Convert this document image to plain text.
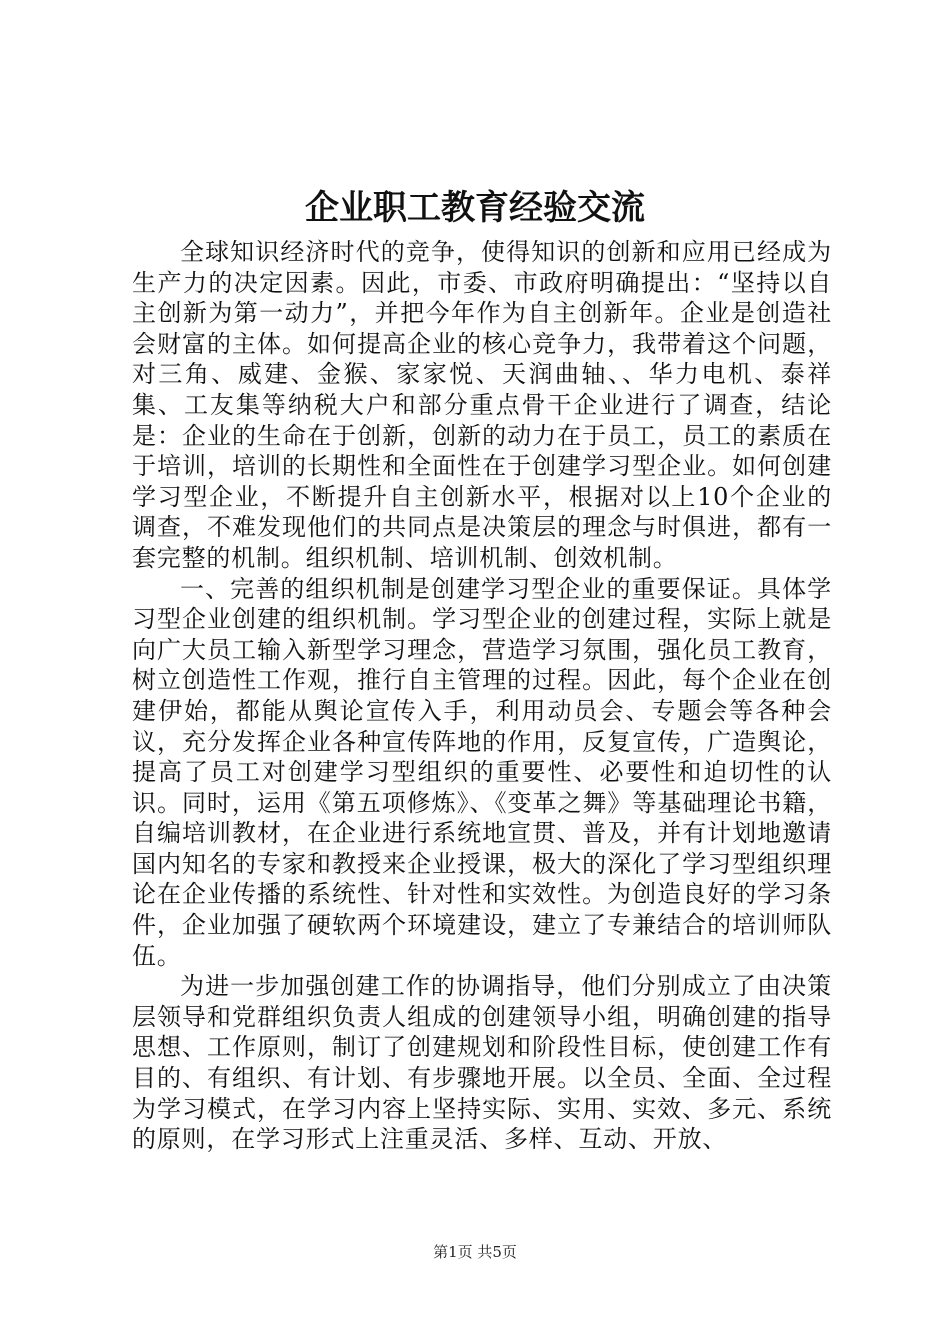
企业职工教育经验交流

全球知识经济时代的竞争，使得知识的创新和应用已经成为生产力的决定因素。因此，市委、市政府明确提出：“坚持以自主创新为第一动力”，并把今年作为自主创新年。企业是创造社会财富的主体。如何提高企业的核心竞争力，我带着这个问题，对三角、威建、金猴、家家悦、天润曲轴、、华力电机、泰祥集、工友集等纳税大户和部分重点骨干企业进行了调查，结论是：企业的生命在于创新，创新的动力在于员工，员工的素质在于培训，培训的长期性和全面性在于创建学习型企业。如何创建学习型企业，不断提升自主创新水平，根据对以上10个企业的调查，不难发现他们的共同点是决策层的理念与时俱进，都有一套完整的机制。组织机制、培训机制、创效机制。

一、完善的组织机制是创建学习型企业的重要保证。具体学习型企业创建的组织机制。学习型企业的创建过程，实际上就是向广大员工输入新型学习理念，营造学习氛围，强化员工教育，树立创造性工作观，推行自主管理的过程。因此，每个企业在创建伊始，都能从舆论宣传入手，利用动员会、专题会等各种会议，充分发挥企业各种宣传阵地的作用，反复宣传，广造舆论，提高了员工对创建学习型组织的重要性、必要性和迫切性的认识。同时，运用《第五项修炼》、《变革之舞》等基础理论书籍，自编培训教材，在企业进行系统地宣贯、普及，并有计划地邀请国内知名的专家和教授来企业授课，极大的深化了学习型组织理论在企业传播的系统性、针对性和实效性。为创造良好的学习条件，企业加强了硬软两个环境建设，建立了专兼结合的培训师队伍。

为进一步加强创建工作的协调指导，他们分别成立了由决策层领导和党群组织负责人组成的创建领导小组，明确创建的指导思想、工作原则，制订了创建规划和阶段性目标，使创建工作有目的、有组织、有计划、有步骤地开展。以全员、全面、全过程为学习模式，在学习内容上坚持实际、实用、实效、多元、系统的原则，在学习形式上注重灵活、多样、互动、开放、

第1页 共5页
